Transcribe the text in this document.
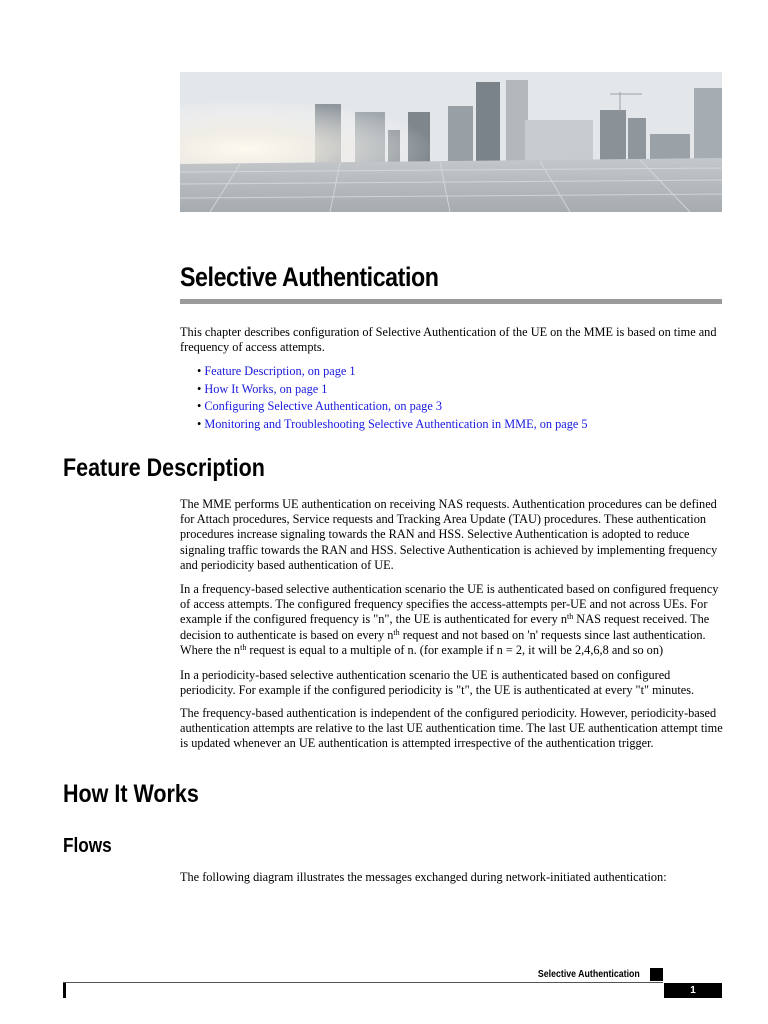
Selective Authentication

This chapter describes configuration of Selective Authentication of the UE on the MME is based on time and frequency of access attempts.

• Feature Description, on page 1
• How It Works, on page 1
• Configuring Selective Authentication, on page 3
• Monitoring and Troubleshooting Selective Authentication in MME, on page 5
Feature Description

The MME performs UE authentication on receiving NAS requests. Authentication procedures can be defined for Attach procedures, Service requests and Tracking Area Update (TAU) procedures. These authentication procedures increase signaling towards the RAN and HSS. Selective Authentication is adopted to reduce signaling traffic towards the RAN and HSS. Selective Authentication is achieved by implementing frequency and periodicity based authentication of UE.

In a frequency-based selective authentication scenario the UE is authenticated based on configured frequency of access attempts. The configured frequency specifies the access-attempts per-UE and not across UEs. For example if the configured frequency is "n", the UE is authenticated for every $n^{th}$ NAS request received. The decision to authenticate is based on every $n^{th}$ request and not based on 'n' requests since last authentication. Where the $n^{th}$ request is equal to a multiple of n. (for example if n = 2, it will be 2,4,6,8 and so on)

In a periodicity-based selective authentication scenario the UE is authenticated based on configured periodicity. For example if the configured periodicity is "t", the UE is authenticated at every "t" minutes.

The frequency-based authentication is independent of the configured periodicity. However, periodicity-based authentication attempts are relative to the last UE authentication time. The last UE authentication attempt time is updated whenever an UE authentication is attempted irrespective of the authentication trigger.

How It Works
Flows

The following diagram illustrates the messages exchanged during network-initiated authentication:

Selective Authentication
1
